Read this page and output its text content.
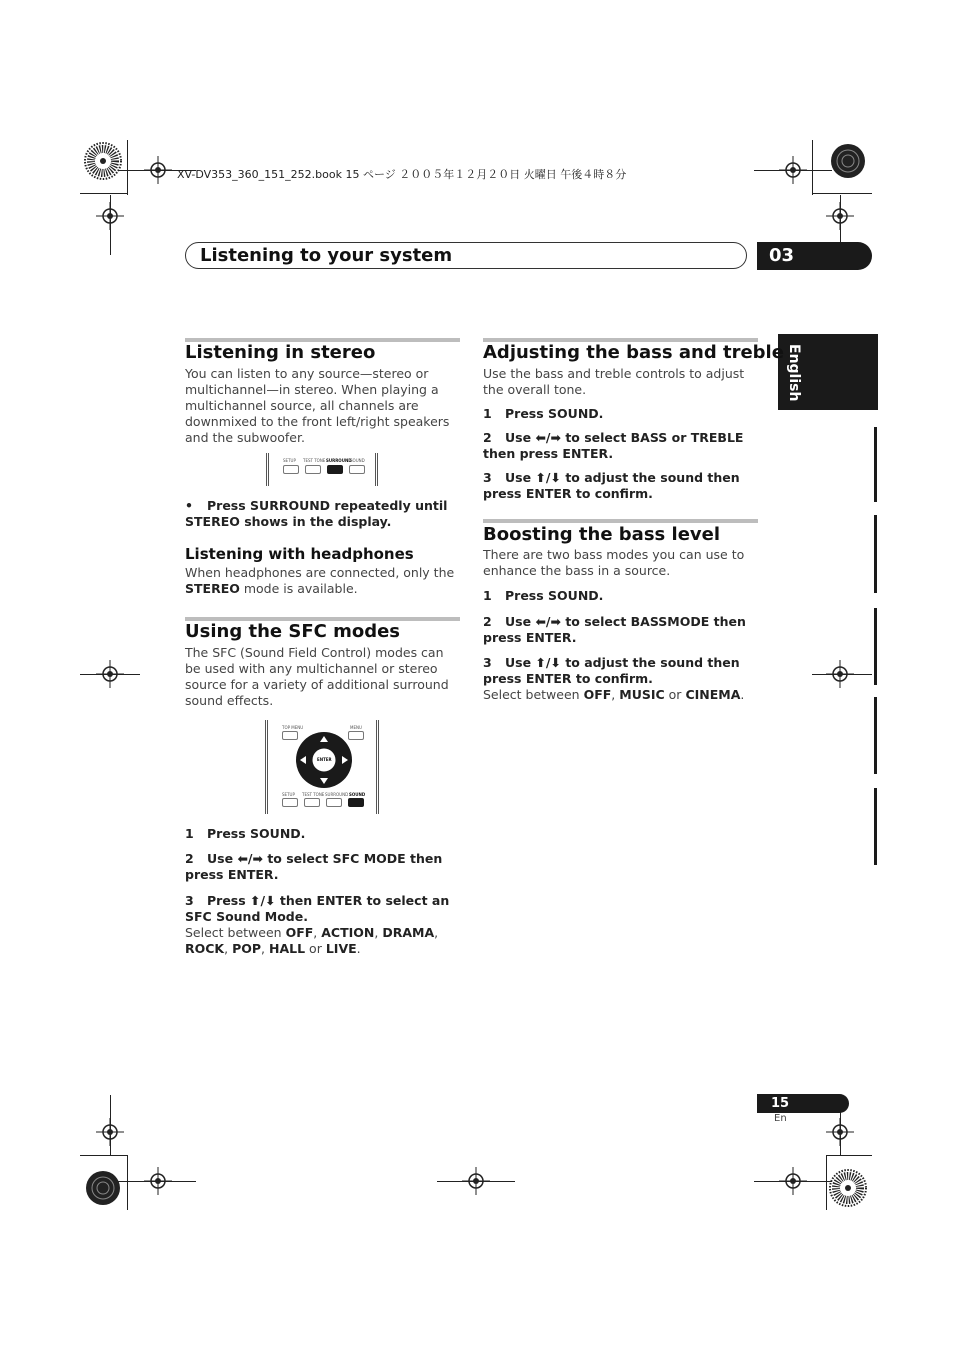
XV-DV353_360_151_252.book 15 ページ ２００５年１２月２０日 火曜日 午後４時８分
Listening to your system	03
English
Listening in stereo
You can listen to any source—stereo or multichannel—in stereo. When playing a multichannel source, all channels are downmixed to the front left/right speakers and the subwoofer.
SETUP TEST TONE SURROUND
SOUND
• Press SURROUND repeatedly until STEREO shows in the display.
Listening with headphones
When headphones are connected, only the STEREO mode is available.
Using the SFC modes
The SFC (Sound Field Control) modes can be used with any multichannel or stereo source for a variety of additional surround sound effects.
TOP MENU	MENU
ENTER
SETUP TEST TONE SURROUND SOUND
1 Press SOUND.
2 Use ⬅/➡ to select SFC MODE then press ENTER.
3 Press ⬆/⬇ then ENTER to select an SFC Sound Mode.
Select between OFF, ACTION, DRAMA, ROCK, POP, HALL or LIVE.
Adjusting the bass and treble
Use the bass and treble controls to adjust the overall tone.
1 Press SOUND.
2 Use ⬅/➡ to select BASS or TREBLE then press ENTER.
3 Use ⬆/⬇ to adjust the sound then press ENTER to confirm.
Boosting the bass level
There are two bass modes you can use to enhance the bass in a source.
1 Press SOUND.
2 Use ⬅/➡ to select BASSMODE then press ENTER.
3 Use ⬆/⬇ to adjust the sound then press ENTER to confirm.
Select between OFF, MUSIC or CINEMA.
15
En
